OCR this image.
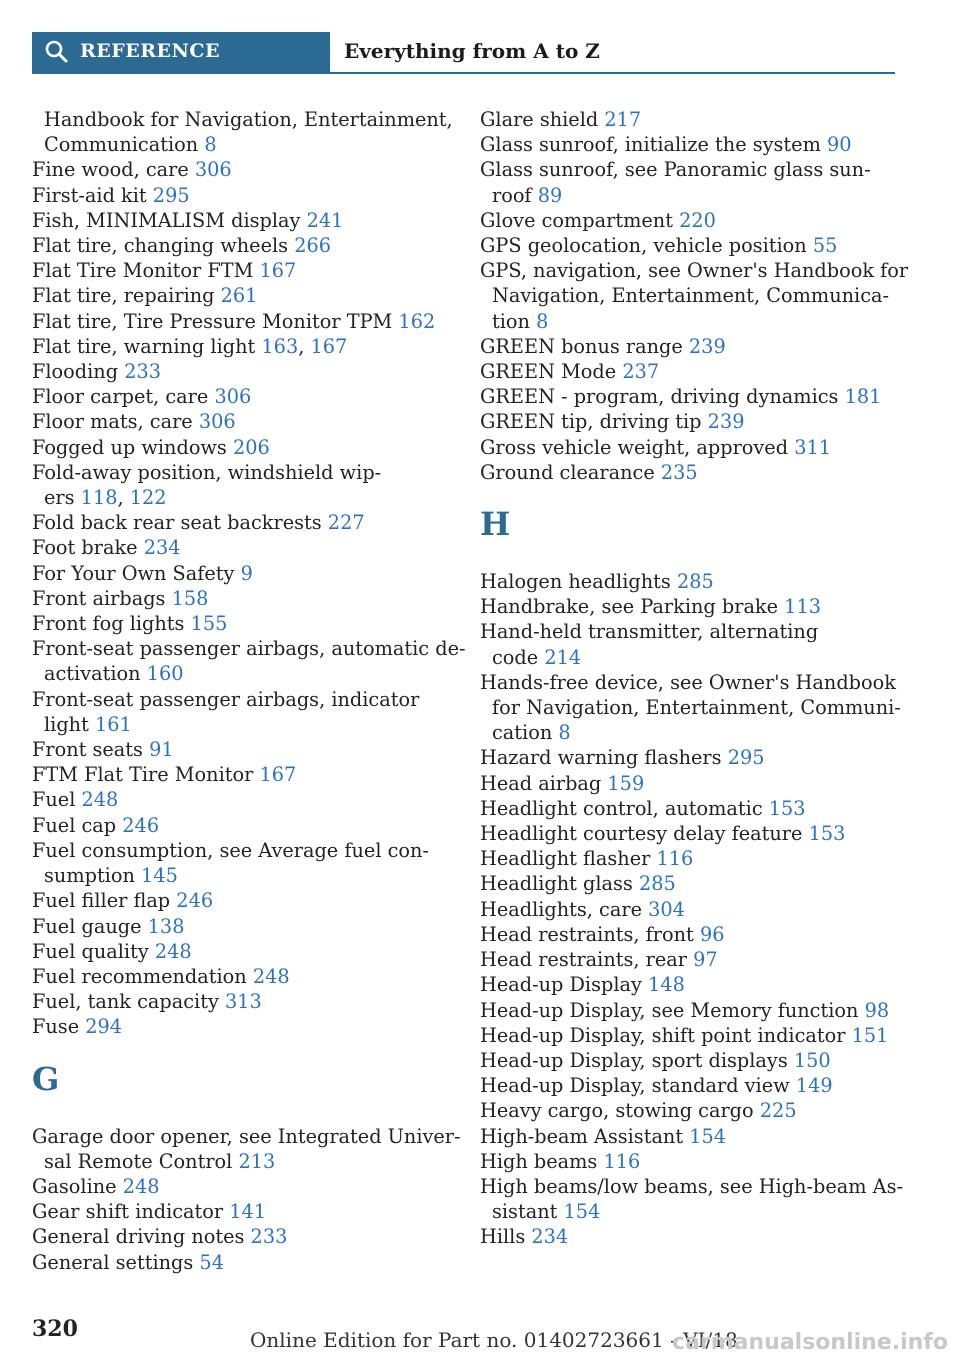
REFERENCE	Everything from A to Z
Handbook for Navigation, Entertainment,
Communication 8
Fine wood, care 306
First-aid kit 295
Fish, MINIMALISM display 241
Flat tire, changing wheels 266
Flat Tire Monitor FTM 167
Flat tire, repairing 261
Flat tire, Tire Pressure Monitor TPM 162
Flat tire, warning light 163, 167
Flooding 233
Floor carpet, care 306
Floor mats, care 306
Fogged up windows 206
Fold-away position, windshield wip-
ers 118, 122
Fold back rear seat backrests 227
Foot brake 234
For Your Own Safety 9
Front airbags 158
Front fog lights 155
Front-seat passenger airbags, automatic de-
activation 160
Front-seat passenger airbags, indicator
light 161
Front seats 91
FTM Flat Tire Monitor 167
Fuel 248
Fuel cap 246
Fuel consumption, see Average fuel con-
sumption 145
Fuel filler flap 246
Fuel gauge 138
Fuel quality 248
Fuel recommendation 248
Fuel, tank capacity 313
Fuse 294
G
Garage door opener, see Integrated Univer-
sal Remote Control 213
Gasoline 248
Gear shift indicator 141
General driving notes 233
General settings 54
Glare shield 217
Glass sunroof, initialize the system 90
Glass sunroof, see Panoramic glass sun-
roof 89
Glove compartment 220
GPS geolocation, vehicle position 55
GPS, navigation, see Owner's Handbook for
Navigation, Entertainment, Communica-
tion 8
GREEN bonus range 239
GREEN Mode 237
GREEN - program, driving dynamics 181
GREEN tip, driving tip 239
Gross vehicle weight, approved 311
Ground clearance 235
H
Halogen headlights 285
Handbrake, see Parking brake 113
Hand-held transmitter, alternating
code 214
Hands-free device, see Owner's Handbook
for Navigation, Entertainment, Communi-
cation 8
Hazard warning flashers 295
Head airbag 159
Headlight control, automatic 153
Headlight courtesy delay feature 153
Headlight flasher 116
Headlight glass 285
Headlights, care 304
Head restraints, front 96
Head restraints, rear 97
Head-up Display 148
Head-up Display, see Memory function 98
Head-up Display, shift point indicator 151
Head-up Display, sport displays 150
Head-up Display, standard view 149
Heavy cargo, stowing cargo 225
High-beam Assistant 154
High beams 116
High beams/low beams, see High-beam As-
sistant 154
Hills 234
320	Online Edition for Part no. 01402723661 - VI/18
carmanualsonline.info
